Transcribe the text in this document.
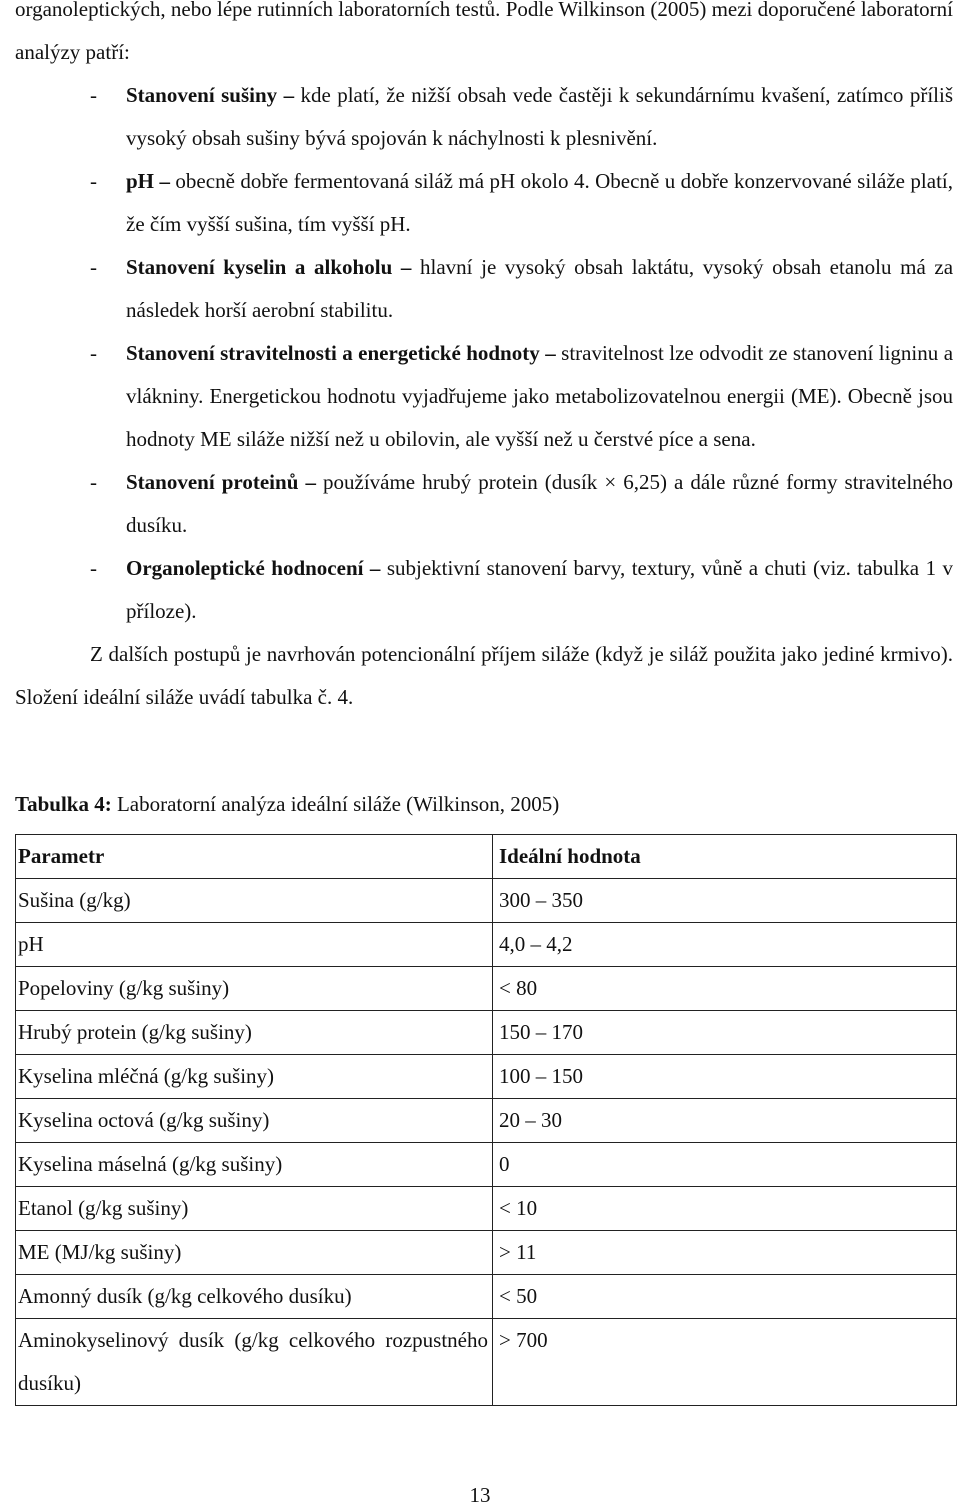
organoleptických, nebo lépe rutinních laboratorních testů. Podle Wilkinson (2005) mezi doporučené laboratorní analýzy patří:

- Stanovení sušiny – kde platí, že nižší obsah vede častěji k sekundárnímu kvašení, zatímco příliš vysoký obsah sušiny bývá spojován k náchylnosti k plesnivění.
- pH – obecně dobře fermentovaná siláž má pH okolo 4. Obecně u dobře konzervované siláže platí, že čím vyšší sušina, tím vyšší pH.
- Stanovení kyselin a alkoholu – hlavní je vysoký obsah laktátu, vysoký obsah etanolu má za následek horší aerobní stabilitu.
- Stanovení stravitelnosti a energetické hodnoty – stravitelnost lze odvodit ze stanovení ligninu a vlákniny. Energetickou hodnotu vyjadřujeme jako metabolizovatelnou energii (ME). Obecně jsou hodnoty ME siláže nižší než u obilovin, ale vyšší než u čerstvé píce a sena.
- Stanovení proteinů – používáme hrubý protein (dusík × 6,25) a dále různé formy stravitelného dusíku.
- Organoleptické hodnocení – subjektivní stanovení barvy, textury, vůně a chuti (viz. tabulka 1 v příloze).

Z dalších postupů je navrhován potencionální příjem siláže (když je siláž použita jako jediné krmivo). Složení ideální siláže uvádí tabulka č. 4.

Tabulka 4: Laboratorní analýza ideální siláže (Wilkinson, 2005)

Parametr	Ideální hodnota
Sušina (g/kg)	300 – 350
pH	4,0 – 4,2
Popeloviny (g/kg sušiny)	< 80
Hrubý protein (g/kg sušiny)	150 – 170
Kyselina mléčná (g/kg sušiny)	100 – 150
Kyselina octová (g/kg sušiny)	20 – 30
Kyselina máselná (g/kg sušiny)	0
Etanol (g/kg sušiny)	< 10
ME (MJ/kg sušiny)	> 11
Amonný dusík (g/kg celkového dusíku)	< 50
Aminokyselinový dusík (g/kg celkového rozpustného dusíku)	> 700
13
